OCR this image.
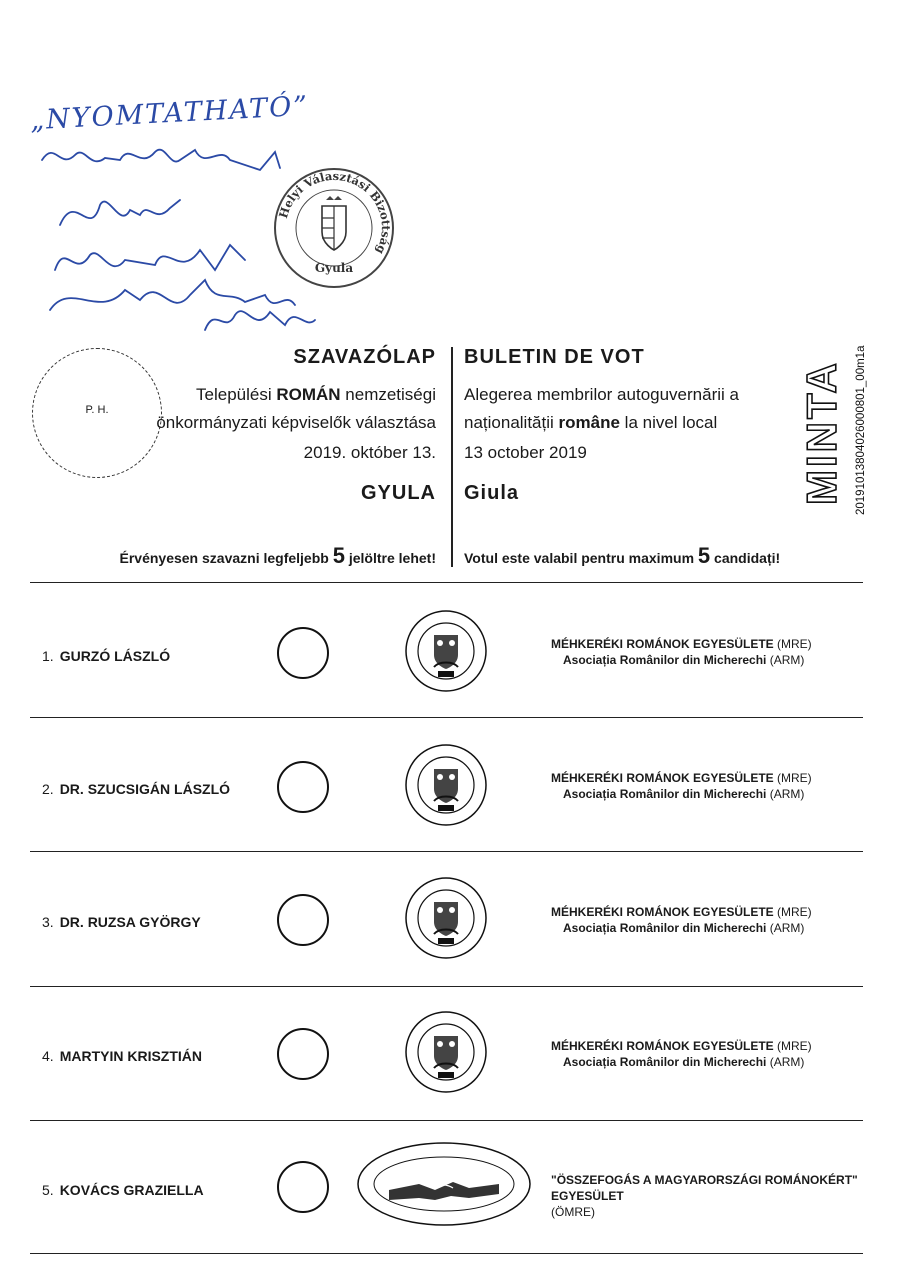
„NYOMTATHATÓ”
Helyi Választási Bizottság
Gyula
P. H.
SZAVAZÓLAP
Települési ROMÁN nemzetiségi
önkormányzati képviselők választása
2019. október 13.
GYULA
BULETIN DE VOT
Alegerea membrilor autoguvernării a
naționalității române la nivel local
13 october 2019
Giula
Érvényesen szavazni legfeljebb 5 jelöltre lehet! Votul este valabil pentru maximum 5 candidați!
MINTA 20191013804026000801_00m1a
1. GURZÓ LÁSZLÓ
MÉHKERÉKI ROMÁNOK EGYESÜLETE (MRE)
Asociația Românilor din Micherechi (ARM)
2. DR. SZUCSIGÁN LÁSZLÓ
MÉHKERÉKI ROMÁNOK EGYESÜLETE (MRE)
Asociația Românilor din Micherechi (ARM)
3. DR. RUZSA GYÖRGY
MÉHKERÉKI ROMÁNOK EGYESÜLETE (MRE)
Asociația Românilor din Micherechi (ARM)
4. MARTYIN KRISZTIÁN
MÉHKERÉKI ROMÁNOK EGYESÜLETE (MRE)
Asociația Românilor din Micherechi (ARM)
5. KOVÁCS GRAZIELLA
"ÖSSZEFOGÁS A MAGYARORSZÁGI ROMÁNOKÉRT" EGYESÜLET
(ÖMRE)
